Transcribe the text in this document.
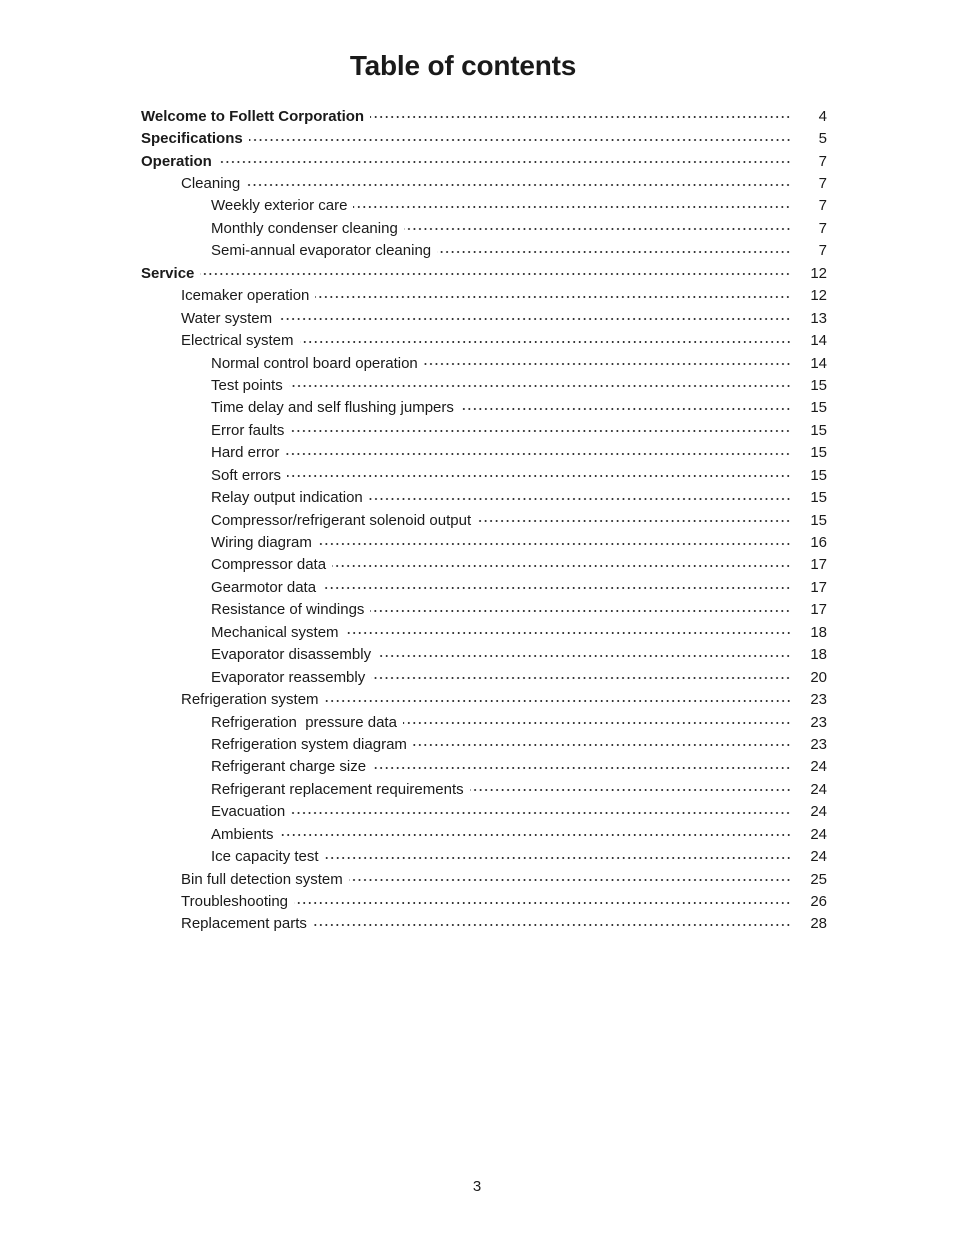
Table of contents
Welcome to Follett Corporation	4
Specifications	5
Operation	7
Cleaning	7
Weekly exterior care	7
Monthly condenser cleaning	7
Semi-annual evaporator cleaning	7
Service	12
Icemaker operation	12
Water system	13
Electrical system	14
Normal control board operation	14
Test points	15
Time delay and self flushing jumpers	15
Error faults	15
Hard error	15
Soft errors	15
Relay output indication	15
Compressor/refrigerant solenoid output	15
Wiring diagram	16
Compressor data	17
Gearmotor data	17
Resistance of windings	17
Mechanical system	18
Evaporator disassembly	18
Evaporator reassembly	20
Refrigeration system	23
Refrigeration  pressure data	23
Refrigeration system diagram	23
Refrigerant charge size	24
Refrigerant replacement requirements	24
Evacuation	24
Ambients	24
Ice capacity test	24
Bin full detection system	25
Troubleshooting	26
Replacement parts	28
3
